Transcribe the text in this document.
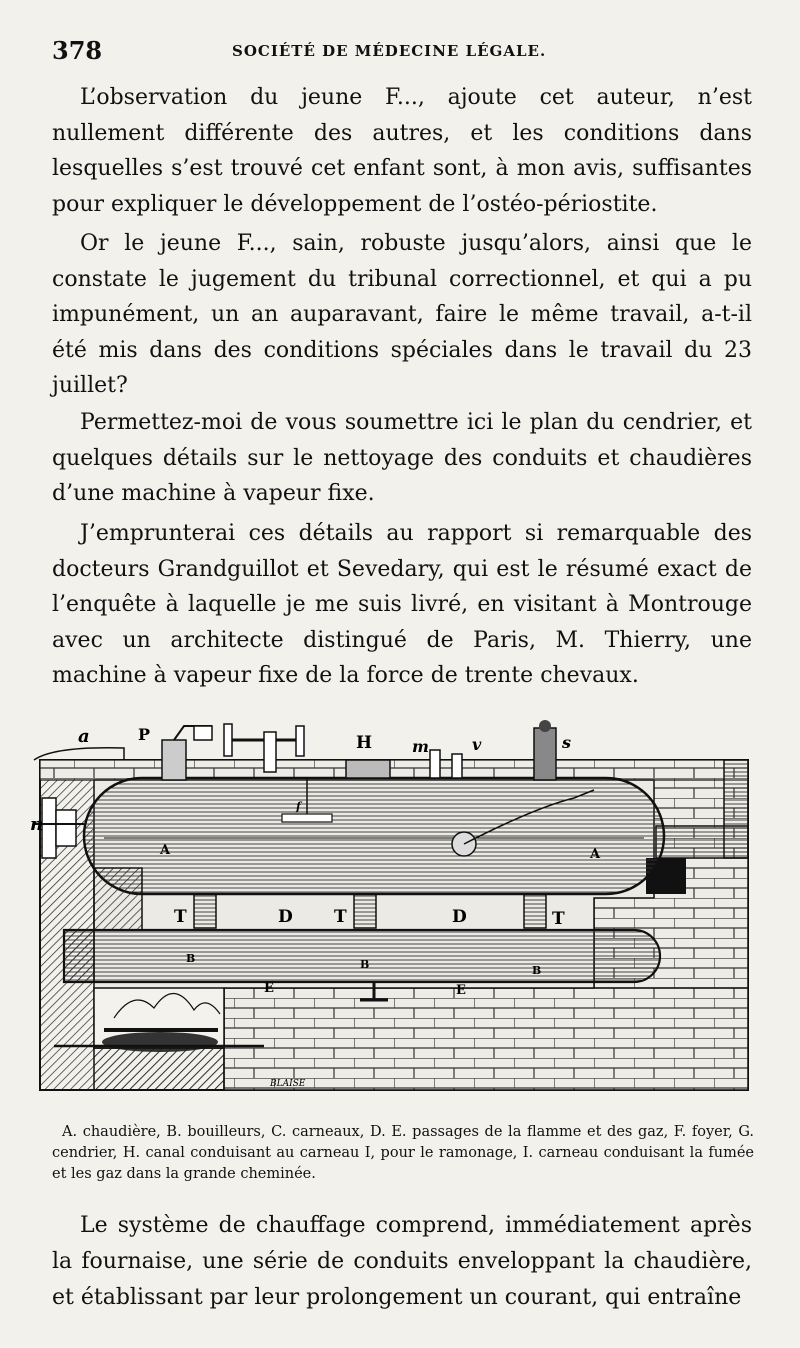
378	SOCIÉTÉ DE MÉDECINE LÉGALE.

L’observation du jeune F..., ajoute cet auteur, n’est nullement différente des autres, et les conditions dans lesquelles s’est trouvé cet enfant sont, à mon avis, suffisantes pour expliquer le développement de l’ostéo-périostite.

Or le jeune F..., sain, robuste jusqu’alors, ainsi que le constate le jugement du tribunal correctionnel, et qui a pu impunément, un an auparavant, faire le même travail, a-t-il été mis dans des conditions spéciales dans le travail du 23 juillet?

Permettez-moi de vous soumettre ici le plan du cendrier, et quelques détails sur le nettoyage des conduits et chaudières d’une machine à vapeur fixe.

J’emprunterai ces détails au rapport si remarquable des docteurs Grandguillot et Sevedary, qui est le résumé exact de l’enquête à laquelle je me suis livré, en visitant à Montrouge avec un architecte distingué de Paris, M. Thierry, une machine à vapeur fixe de la force de trente chevaux.

a	P	H m	v	s
n
A	A
f
T	T	T
D	D
B	B	B
E	E
BLAISE

A. chaudière, B. bouilleurs, C. carneaux, D. E. passages de la flamme et des gaz, F. foyer, G. cendrier, H. canal conduisant au carneau I, pour le ramonage, I. carneau conduisant la fumée et les gaz dans la grande cheminée.

Le système de chauffage comprend, immédiatement après la fournaise, une série de conduits enveloppant la chaudière, et établissant par leur prolongement un courant, qui entraîne
